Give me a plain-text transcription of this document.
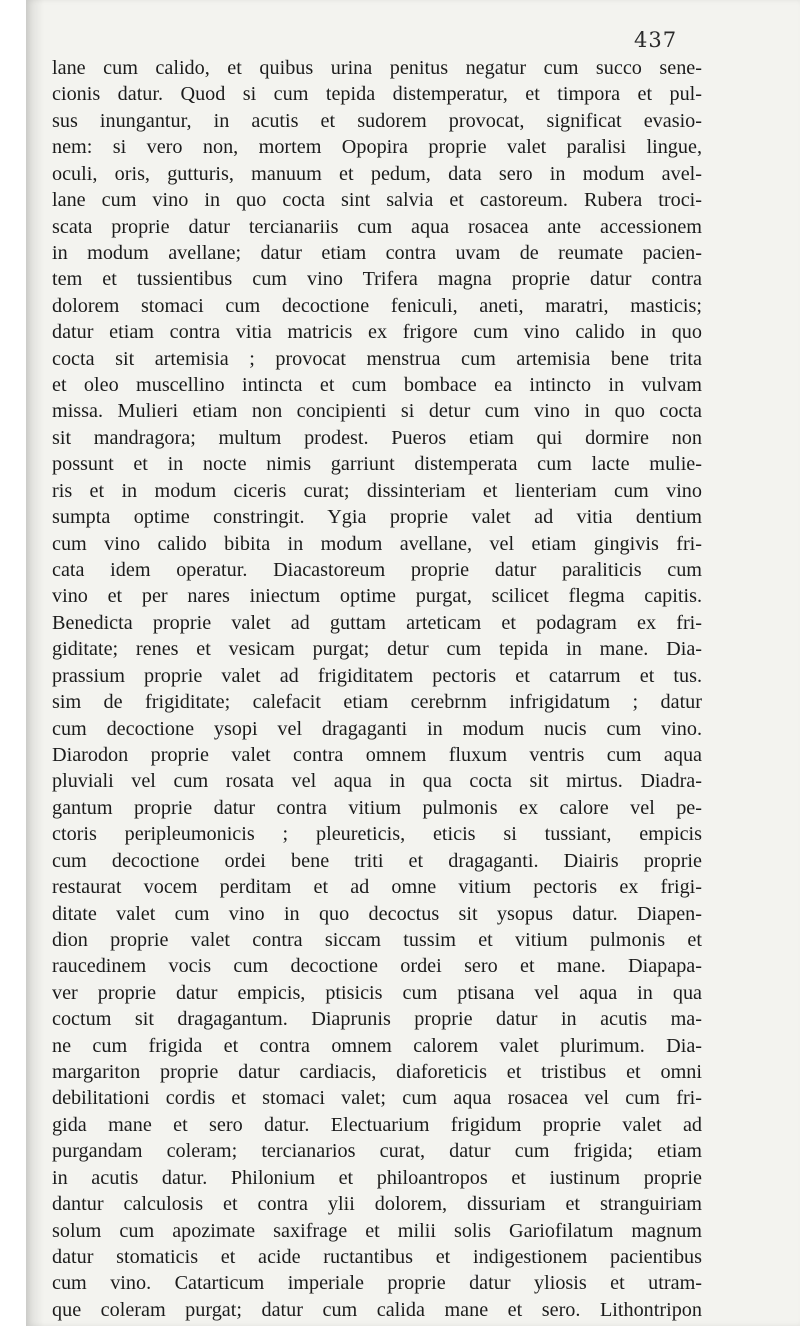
437
lane cum calido, et quibus urina penitus negatur cum succo sene-
cionis datur. Quod si cum tepida distemperatur, et timpora et pul-
sus inungantur, in acutis et sudorem provocat, significat evasio-
nem: si vero non, mortem Opopira proprie valet paralisi lingue,
oculi, oris, gutturis, manuum et pedum, data sero in modum avel-
lane cum vino in quo cocta sint salvia et castoreum. Rubera troci-
scata proprie datur tercianariis cum aqua rosacea ante accessionem
in modum avellane; datur etiam contra uvam de reumate pacien-
tem et tussientibus cum vino Trifera magna proprie datur contra
dolorem stomaci cum decoctione feniculi, aneti, maratri, masticis;
datur etiam contra vitia matricis ex frigore cum vino calido in quo
cocta sit artemisia ; provocat menstrua cum artemisia bene trita
et oleo muscellino intincta et cum bombace ea intincto in vulvam
missa. Mulieri etiam non concipienti si detur cum vino in quo cocta
sit mandragora; multum prodest. Pueros etiam qui dormire non
possunt et in nocte nimis garriunt distemperata cum lacte mulie-
ris et in modum ciceris curat; dissinteriam et lienteriam cum vino
sumpta optime constringit. Ygia proprie valet ad vitia dentium
cum vino calido bibita in modum avellane, vel etiam gingivis fri-
cata idem operatur. Diacastoreum proprie datur paraliticis cum
vino et per nares iniectum optime purgat, scilicet flegma capitis.
Benedicta proprie valet ad guttam arteticam et podagram ex fri-
giditate; renes et vesicam purgat; detur cum tepida in mane. Dia-
prassium proprie valet ad frigiditatem pectoris et catarrum et tus.
sim de frigiditate; calefacit etiam cerebrnm infrigidatum ; datur
cum decoctione ysopi vel dragaganti in modum nucis cum vino.
Diarodon proprie valet contra omnem fluxum ventris cum aqua
pluviali vel cum rosata vel aqua in qua cocta sit mirtus. Diadra-
gantum proprie datur contra vitium pulmonis ex calore vel pe-
ctoris peripleumonicis ; pleureticis, eticis si tussiant, empicis
cum decoctione ordei bene triti et dragaganti. Diairis proprie
restaurat vocem perditam et ad omne vitium pectoris ex frigi-
ditate valet cum vino in quo decoctus sit ysopus datur. Diapen-
dion proprie valet contra siccam tussim et vitium pulmonis et
raucedinem vocis cum decoctione ordei sero et mane. Diapapa-
ver proprie datur empicis, ptisicis cum ptisana vel aqua in qua
coctum sit dragagantum. Diaprunis proprie datur in acutis ma-
ne cum frigida et contra omnem calorem valet plurimum. Dia-
margariton proprie datur cardiacis, diaforeticis et tristibus et omni
debilitationi cordis et stomaci valet; cum aqua rosacea vel cum fri-
gida mane et sero datur. Electuarium frigidum proprie valet ad
purgandam coleram; tercianarios curat, datur cum frigida; etiam
in acutis datur. Philonium et philoantropos et iustinum proprie
dantur calculosis et contra ylii dolorem, dissuriam et stranguiriam
solum cum apozimate saxifrage et milii solis Gariofilatum magnum
datur stomaticis et acide ructantibus et indigestionem pacientibus
cum vino. Catarticum imperiale proprie datur yliosis et utram-
que coleram purgat; datur cum calida mane et sero. Lithontripon
